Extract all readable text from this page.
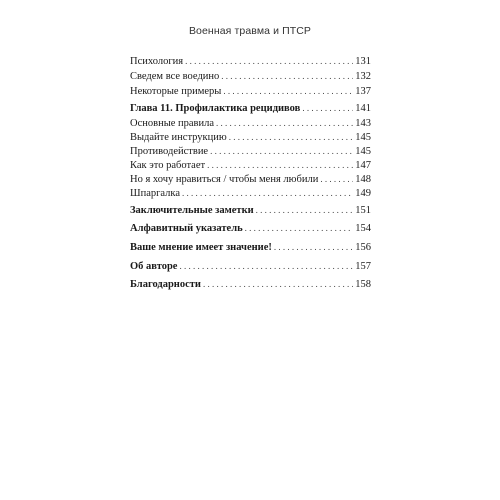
Военная травма и ПТСР
Психология . . .	131
Сведем все воедино . . .	132
Некоторые примеры . . .	137
Глава 11. Профилактика рецидивов . . .	141
Основные правила . . .	143
Выдайте инструкцию . . .	145
Противодействие . . .	145
Как это работает . . .	147
Но я хочу нравиться / чтобы меня любили . . .	148
Шпаргалка . . .	149
Заключительные заметки . . .	151
Алфавитный указатель . . .	154
Ваше мнение имеет значение! . . .	156
Об авторе . . .	157
Благодарности . . .	158
